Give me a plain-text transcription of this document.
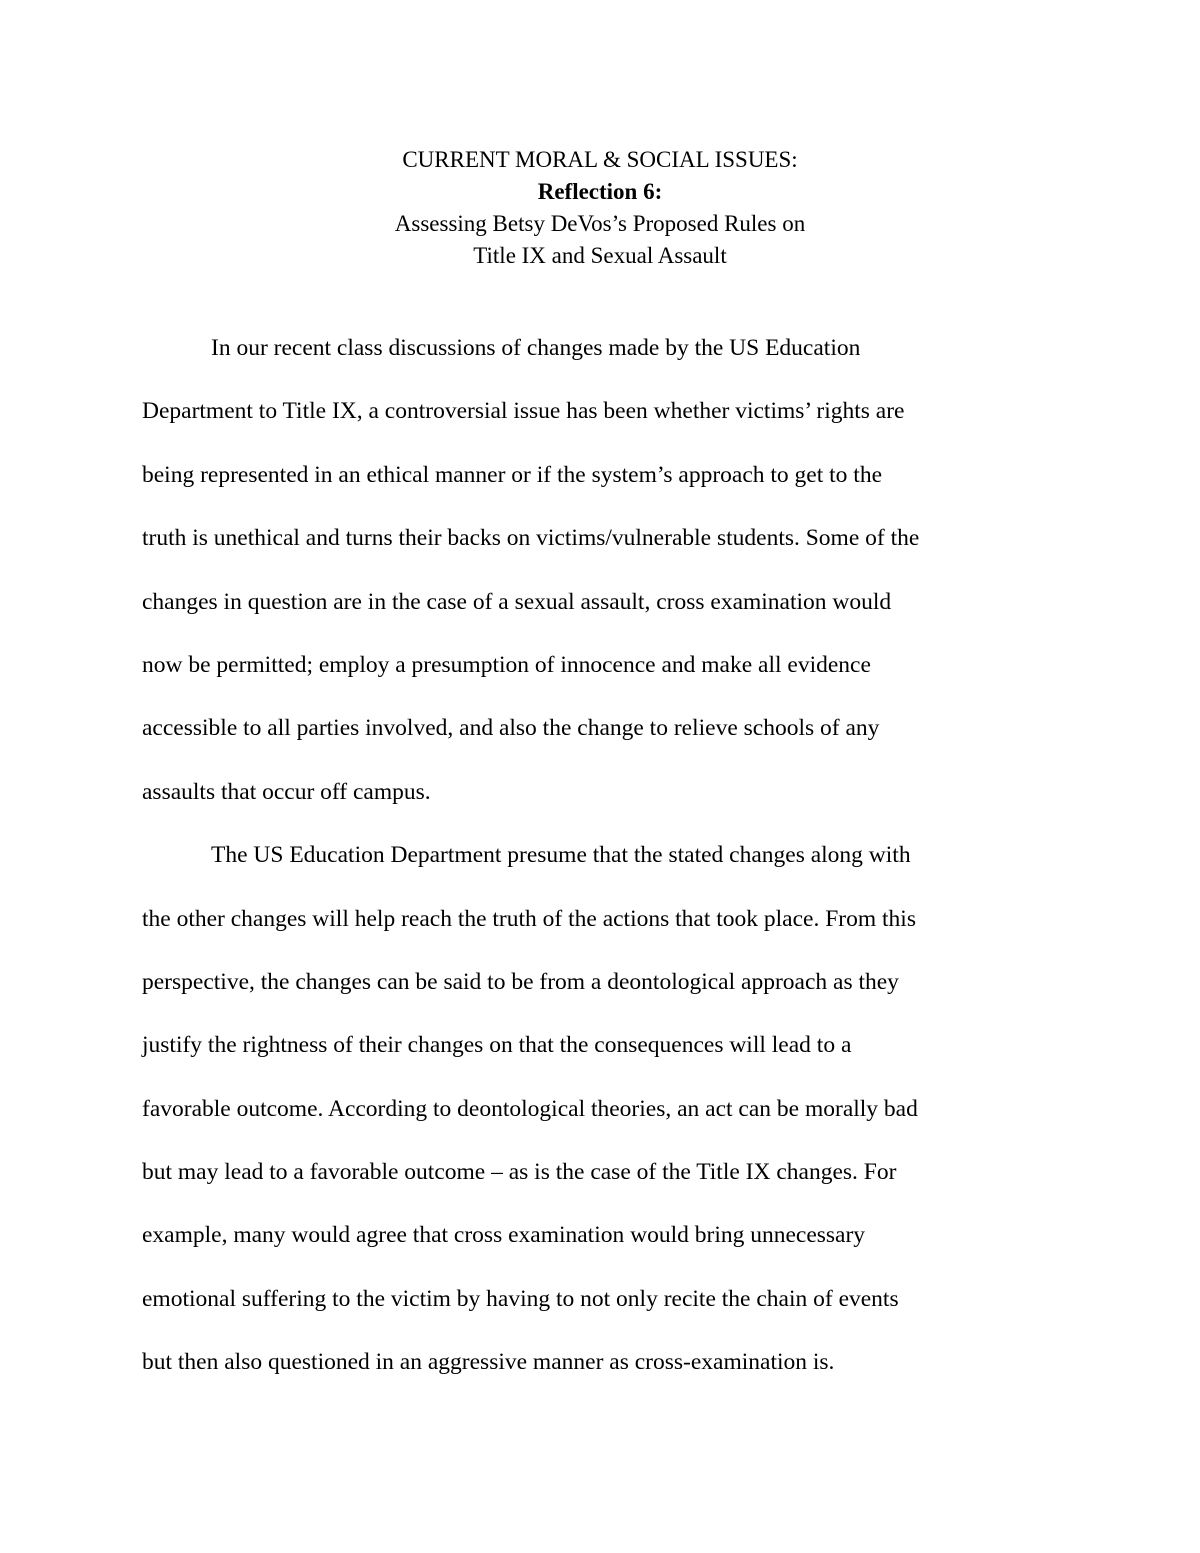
CURRENT MORAL & SOCIAL ISSUES:
Reflection 6:
Assessing Betsy DeVos’s Proposed Rules on
Title IX and Sexual Assault
In our recent class discussions of changes made by the US Education
Department to Title IX, a controversial issue has been whether victims’ rights are
being represented in an ethical manner or if the system’s approach to get to the
truth is unethical and turns their backs on victims/vulnerable students. Some of the
changes in question are in the case of a sexual assault, cross examination would
now be permitted; employ a presumption of innocence and make all evidence
accessible to all parties involved, and also the change to relieve schools of any
assaults that occur off campus.
The US Education Department presume that the stated changes along with
the other changes will help reach the truth of the actions that took place. From this
perspective, the changes can be said to be from a deontological approach as they
justify the rightness of their changes on that the consequences will lead to a
favorable outcome. According to deontological theories, an act can be morally bad
but may lead to a favorable outcome – as is the case of the Title IX changes. For
example, many would agree that cross examination would bring unnecessary
emotional suffering to the victim by having to not only recite the chain of events
but then also questioned in an aggressive manner as cross-examination is.
